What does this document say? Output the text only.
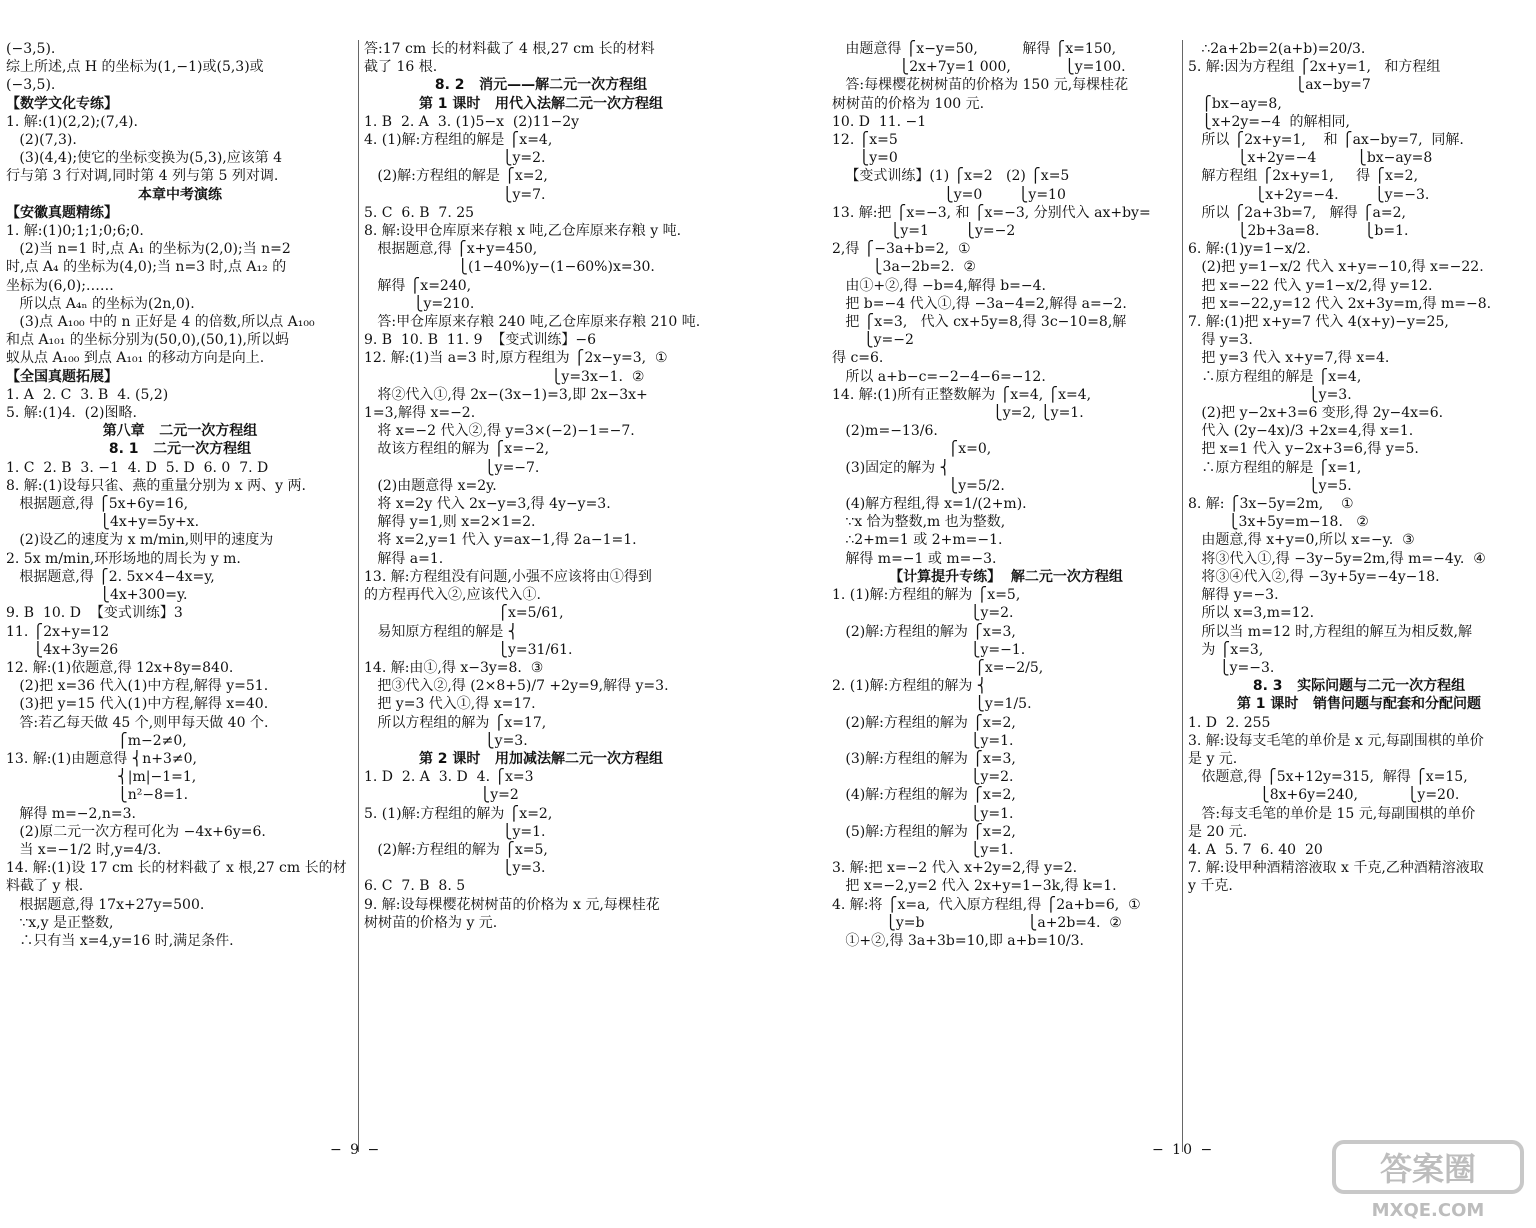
(−3,5).
综上所述,点 H 的坐标为(1,−1)或(5,3)或
(−3,5).
【数学文化专练】
1. 解:(1)(2,2);(7,4).
(2)(7,3).
(3)(4,4);使它的坐标变换为(5,3),应该第 4
行与第 3 行对调,同时第 4 列与第 5 列对调.
本章中考演练
【安徽真题精练】
1. 解:(1)0;1;1;0;6;0.
(2)当 n=1 时,点 A₁ 的坐标为(2,0);当 n=2
时,点 A₄ 的坐标为(4,0);当 n=3 时,点 A₁₂ 的
坐标为(6,0);……
所以点 A₄ₙ 的坐标为(2n,0).
(3)点 A₁₀₀ 中的 n 正好是 4 的倍数,所以点 A₁₀₀
和点 A₁₀₁ 的坐标分别为(50,0),(50,1),所以蚂
蚁从点 A₁₀₀ 到点 A₁₀₁ 的移动方向是向上.
【全国真题拓展】
1. A  2. C  3. B  4. (5,2)
5. 解:(1)4.  (2)图略.
第八章   二元一次方程组
8. 1   二元一次方程组
1. C  2. B  3. −1  4. D  5. D  6. 0  7. D
8. 解:(1)设每只雀、燕的重量分别为 x 两、y 两.
根据题意,得 ⎧5x+6y=16,
⎩4x+y=5y+x.
(2)设乙的速度为 x m/min,则甲的速度为
2. 5x m/min,环形场地的周长为 y m.
根据题意,得 ⎧2. 5x×4−4x=y,
⎩4x+300=y.
9. B  10. D  【变式训练】3
11. ⎧2x+y=12
⎩4x+3y=26
12. 解:(1)依题意,得 12x+8y=840.
(2)把 x=36 代入(1)中方程,解得 y=51.
(3)把 y=15 代入(1)中方程,解得 x=40.
答:若乙每天做 45 个,则甲每天做 40 个.
⎧m−2≠0,
13. 解:(1)由题意得 ⎨n+3≠0,
⎨|m|−1=1,
⎩n²−8=1.
解得 m=−2,n=3.
(2)原二元一次方程可化为 −4x+6y=6.
当 x=−1/2 时,y=4/3.
14. 解:(1)设 17 cm 长的材料截了 x 根,27 cm 长的材
料截了 y 根.
根据题意,得 17x+27y=500.
∵x,y 是正整数,
∴只有当 x=4,y=16 时,满足条件.
答:17 cm 长的材料截了 4 根,27 cm 长的材料
截了 16 根.
8. 2   消元——解二元一次方程组
第 1 课时   用代入法解二元一次方程组
1. B  2. A  3. (1)5−x  (2)11−2y
4. (1)解:方程组的解是 ⎧x=4,
⎩y=2.
(2)解:方程组的解是 ⎧x=2,
⎩y=7.
5. C  6. B  7. 25
8. 解:设甲仓库原来存粮 x 吨,乙仓库原来存粮 y 吨.
根据题意,得 ⎧x+y=450,
⎩(1−40%)y−(1−60%)x=30.
解得 ⎧x=240,
⎩y=210.
答:甲仓库原来存粮 240 吨,乙仓库原来存粮 210 吨.
9. B  10. B  11. 9  【变式训练】−6
12. 解:(1)当 a=3 时,原方程组为 ⎧2x−y=3,  ①
⎩y=3x−1.  ②
将②代入①,得 2x−(3x−1)=3,即 2x−3x+
1=3,解得 x=−2.
将 x=−2 代入②,得 y=3×(−2)−1=−7.
故该方程组的解为 ⎧x=−2,
⎩y=−7.
(2)由题意得 x=2y.
将 x=2y 代入 2x−y=3,得 4y−y=3.
解得 y=1,则 x=2×1=2.
将 x=2,y=1 代入 y=ax−1,得 2a−1=1.
解得 a=1.
13. 解:方程组没有问题,小强不应该将由①得到
的方程再代入②,应该代入①.
⎧x=5/61,
易知原方程组的解是 ⎨
⎩y=31/61.
14. 解:由①,得 x−3y=8.  ③
把③代入②,得 (2×8+5)/7 +2y=9,解得 y=3.
把 y=3 代入①,得 x=17.
所以方程组的解为 ⎧x=17,
⎩y=3.
第 2 课时   用加减法解二元一次方程组
1. D  2. A  3. D  4. ⎧x=3
⎩y=2
5. (1)解:方程组的解为 ⎧x=2,
⎩y=1.
(2)解:方程组的解为 ⎧x=5,
⎩y=3.
6. C  7. B  8. 5
9. 解:设每棵樱花树树苗的价格为 x 元,每棵桂花
树树苗的价格为 y 元.
由题意得 ⎧x−y=50,          解得 ⎧x=150,
⎩2x+7y=1 000,            ⎩y=100.
答:每棵樱花树树苗的价格为 150 元,每棵桂花
树树苗的价格为 100 元.
10. D  11. −1
12. ⎧x=5
⎩y=0
【变式训练】(1) ⎧x=2   (2) ⎧x=5
⎩y=0        ⎩y=10
13. 解:把 ⎧x=−3, 和 ⎧x=−3, 分别代入 ax+by=
⎩y=1        ⎩y=−2
2,得 ⎧−3a+b=2,  ①
⎩3a−2b=2.  ②
由①+②,得 −b=4,解得 b=−4.
把 b=−4 代入①,得 −3a−4=2,解得 a=−2.
把 ⎧x=3,   代入 cx+5y=8,得 3c−10=8,解
⎩y=−2
得 c=6.
所以 a+b−c=−2−4−6=−12.
14. 解:(1)所有正整数解为 ⎧x=4, ⎧x=4,
⎩y=2, ⎩y=1.
(2)m=−13/6.
⎧x=0,
(3)固定的解为 ⎨
⎩y=5/2.
(4)解方程组,得 x=1/(2+m).
∵x 恰为整数,m 也为整数,
∴2+m=1 或 2+m=−1.
解得 m=−1 或 m=−3.
【计算提升专练】  解二元一次方程组
1. (1)解:方程组的解为 ⎧x=5,
⎩y=2.
(2)解:方程组的解为 ⎧x=3,
⎩y=−1.
⎧x=−2/5,
2. (1)解:方程组的解为 ⎨
⎩y=1/5.
(2)解:方程组的解为 ⎧x=2,
⎩y=1.
(3)解:方程组的解为 ⎧x=3,
⎩y=2.
(4)解:方程组的解为 ⎧x=2,
⎩y=1.
(5)解:方程组的解为 ⎧x=2,
⎩y=1.
3. 解:把 x=−2 代入 x+2y=2,得 y=2.
把 x=−2,y=2 代入 2x+y=1−3k,得 k=1.
4. 解:将 ⎧x=a,  代入原方程组,得 ⎧2a+b=6,  ①
⎩y=b                       ⎩a+2b=4.  ②
①+②,得 3a+3b=10,即 a+b=10/3.
∴2a+2b=2(a+b)=20/3.
5. 解:因为方程组 ⎧2x+y=1,   和方程组
⎩ax−by=7
⎧bx−ay=8,
⎩x+2y=−4  的解相同,
所以 ⎧2x+y=1,    和 ⎧ax−by=7,  同解.
⎩x+2y=−4         ⎩bx−ay=8
解方程组 ⎧2x+y=1,     得 ⎧x=2,
⎩x+2y=−4.        ⎩y=−3.
所以 ⎧2a+3b=7,   解得 ⎧a=2,
⎩2b+3a=8.          ⎩b=1.
6. 解:(1)y=1−x/2.
(2)把 y=1−x/2 代入 x+y=−10,得 x=−22.
把 x=−22 代入 y=1−x/2,得 y=12.
把 x=−22,y=12 代入 2x+3y=m,得 m=−8.
7. 解:(1)把 x+y=7 代入 4(x+y)−y=25,
得 y=3.
把 y=3 代入 x+y=7,得 x=4.
∴原方程组的解是 ⎧x=4,
⎩y=3.
(2)把 y−2x+3=6 变形,得 2y−4x=6.
代入 (2y−4x)/3 +2x=4,得 x=1.
把 x=1 代入 y−2x+3=6,得 y=5.
∴原方程组的解是 ⎧x=1,
⎩y=5.
8. 解: ⎧3x−5y=2m,    ①
⎩3x+5y=m−18.   ②
由题意,得 x+y=0,所以 x=−y.  ③
将③代入①,得 −3y−5y=2m,得 m=−4y.  ④
将③④代入②,得 −3y+5y=−4y−18.
解得 y=−3.
所以 x=3,m=12.
所以当 m=12 时,方程组的解互为相反数,解
为 ⎧x=3,
⎩y=−3.
8. 3   实际问题与二元一次方程组
第 1 课时   销售问题与配套和分配问题
1. D  2. 255
3. 解:设每支毛笔的单价是 x 元,每副围棋的单价
是 y 元.
依题意,得 ⎧5x+12y=315,  解得 ⎧x=15,
⎩8x+6y=240,           ⎩y=20.
答:每支毛笔的单价是 15 元,每副围棋的单价
是 20 元.
4. A  5. 7  6. 40  20
7. 解:设甲种酒精溶液取 x 千克,乙种酒精溶液取
y 千克.
− 9 −	− 10 −	答案圈
MXQE.COM
